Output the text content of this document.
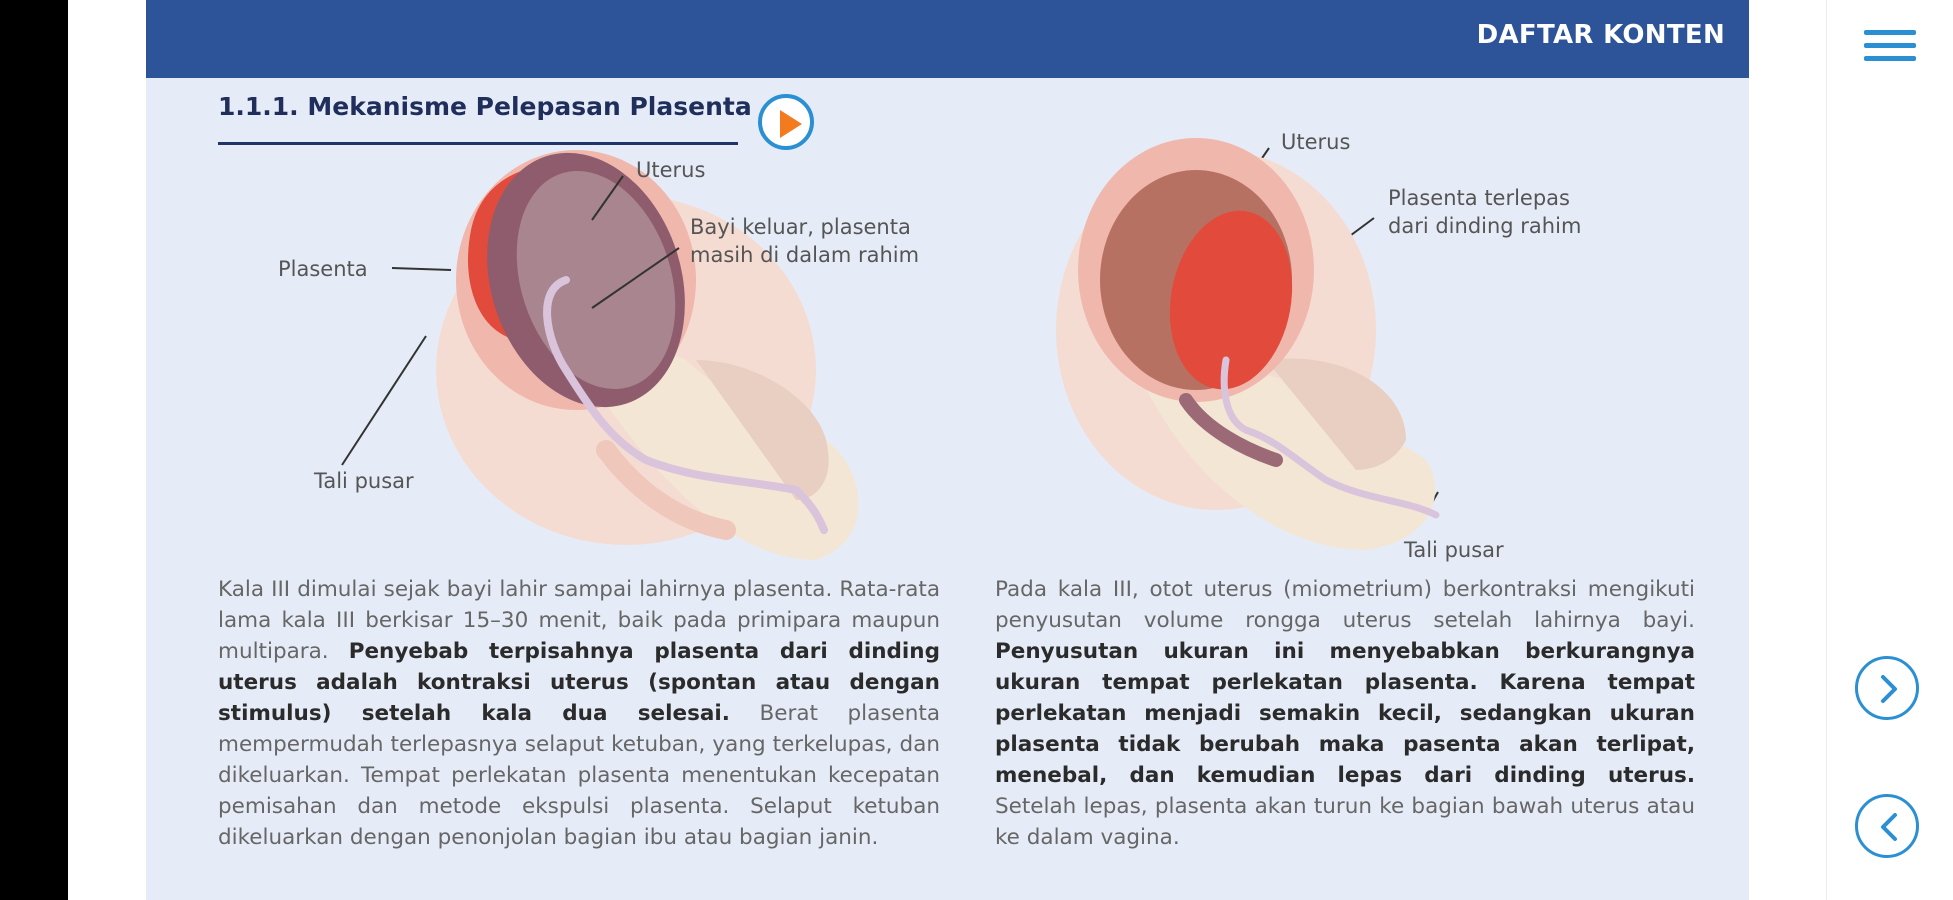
DAFTAR KONTEN
1.1.1. Mekanisme Pelepasan Plasenta
Uterus
Plasenta
Bayi keluar, plasenta
masih di dalam rahim
Tali pusar
Uterus
Plasenta terlepas
dari dinding rahim
Tali pusar

Kala III dimulai sejak bayi lahir sampai lahirnya plasenta. Rata-rata lama kala III berkisar 15–30 menit, baik pada primipara maupun multipara. Penyebab terpisahnya plasenta dari dinding uterus adalah kontraksi uterus (spontan atau dengan stimulus) setelah kala dua selesai. Berat plasenta mempermudah terlepasnya selaput ketuban, yang terkelupas, dan dikeluarkan. Tempat perlekatan plasenta menentukan kecepatan pemisahan dan metode ekspulsi plasenta. Selaput ketuban dikeluarkan dengan penonjolan bagian ibu atau bagian janin.

Pada kala III, otot uterus (miometrium) berkontraksi mengikuti penyusutan volume rongga uterus setelah lahirnya bayi. Penyusutan ukuran ini menyebabkan berkurangnya ukuran tempat perlekatan plasenta. Karena tempat perlekatan menjadi semakin kecil, sedangkan ukuran plasenta tidak berubah maka pasenta akan terlipat, menebal, dan kemudian lepas dari dinding uterus. Setelah lepas, plasenta akan turun ke bagian bawah uterus atau ke dalam vagina.
